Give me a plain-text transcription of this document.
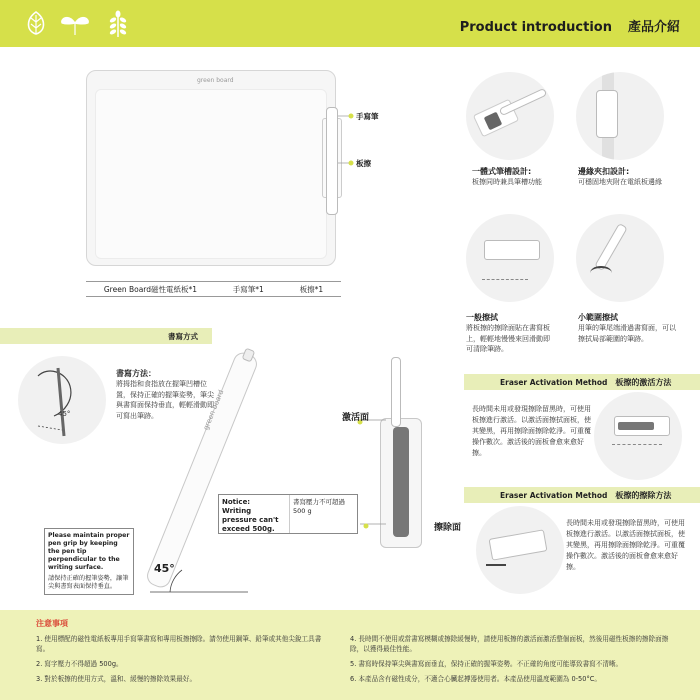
Product introduction 產品介紹
green board
手寫筆
板擦
Green Board磁性電紙板*1	手寫筆*1	板擦*1
一體式筆槽設計:
板擦同時兼具筆槽功能
邊緣夾扣設計:
可穩固地夾附在電紙板邊緣
一般擦拭
將板擦的擦除面貼在書寫板上，輕輕地慢慢來回滑動即可清除筆跡。
小範圍擦拭
用筆的筆尾端滑過書寫面，可以擦拭局部範圍的筆跡。
書寫方式
45°
書寫方法：
將拇指和食指放在握筆凹槽位置，保持正確的握筆姿勢，筆尖與書寫面保持垂直，輕輕滑動即可寫出筆跡。	green board
45°
Notice:
Writing pressure can't exceed 500g.
書寫壓力不可超過 500 g
Please maintain proper pen grip by keeping the pen tip perpendicular to the writing surface.
請保持正確的握筆姿勢，讓筆尖與書寫表面保持垂直。
激活面
擦除面
Eraser Activation Method 板擦的激活方法
長時間未用或發現擦除留黑時，可使用板擦進行激活。以激活面擦拭面板，使其變黑，再用擦除面擦除乾淨。可重覆操作數次。激活後的面板會愈來愈好擦。
Eraser Activation Method 板擦的擦除方法
長時間未用或發現擦除留黑時，可使用板擦進行激活。以激活面擦拭面板，使其變黑，再用擦除面擦除乾淨。可重覆操作數次。激活後的面板會愈來愈好擦。
注意事項
1. 使用標配的磁性電紙板專用手寫筆書寫和專用板擦擦除。請勿使用鋼筆、鉛筆或其他尖銳工具書寫。
2. 寫字壓力不得超過 500g。
3. 對於板擦的使用方式，溫和、緩慢的擦除效果最好。
4. 長時間不使用或當書寫模糊或擦除緩慢時，請使用板擦的激活面激活整個面板，然後用磁性板擦的擦除面擦除，以獲得最佳性能。
5. 書寫時保持筆尖與書寫面垂直，保持正確的握筆姿勢。不正確的角度可能導致書寫不清晰。
6. 本產品含有磁性成分，不適合心臟起搏器使用者。本產品使用溫度範圍為 0-50°C。
